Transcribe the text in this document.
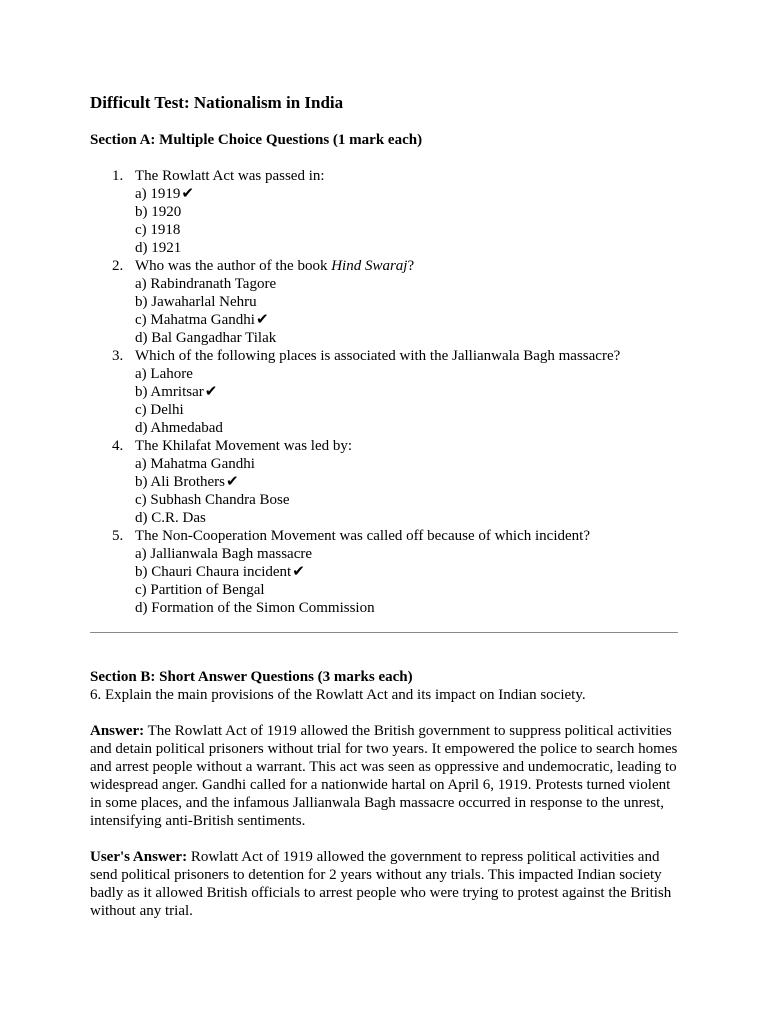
Difficult Test: Nationalism in India

Section A: Multiple Choice Questions (1 mark each)

1. The Rowlatt Act was passed in:
a) 1919✔
b) 1920
c) 1918
d) 1921
2. Who was the author of the book Hind Swaraj?
a) Rabindranath Tagore
b) Jawaharlal Nehru
c) Mahatma Gandhi✔
d) Bal Gangadhar Tilak
3. Which of the following places is associated with the Jallianwala Bagh massacre?
a) Lahore
b) Amritsar✔
c) Delhi
d) Ahmedabad
4. The Khilafat Movement was led by:
a) Mahatma Gandhi
b) Ali Brothers✔
c) Subhash Chandra Bose
d) C.R. Das
5. The Non-Cooperation Movement was called off because of which incident?
a) Jallianwala Bagh massacre
b) Chauri Chaura incident✔
c) Partition of Bengal
d) Formation of the Simon Commission

Section B: Short Answer Questions (3 marks each)

6. Explain the main provisions of the Rowlatt Act and its impact on Indian society.

Answer: The Rowlatt Act of 1919 allowed the British government to suppress political activities and detain political prisoners without trial for two years. It empowered the police to search homes and arrest people without a warrant. This act was seen as oppressive and undemocratic, leading to widespread anger. Gandhi called for a nationwide hartal on April 6, 1919. Protests turned violent in some places, and the infamous Jallianwala Bagh massacre occurred in response to the unrest, intensifying anti-British sentiments.

User's Answer: Rowlatt Act of 1919 allowed the government to repress political activities and send political prisoners to detention for 2 years without any trials. This impacted Indian society badly as it allowed British officials to arrest people who were trying to protest against the British without any trial.
